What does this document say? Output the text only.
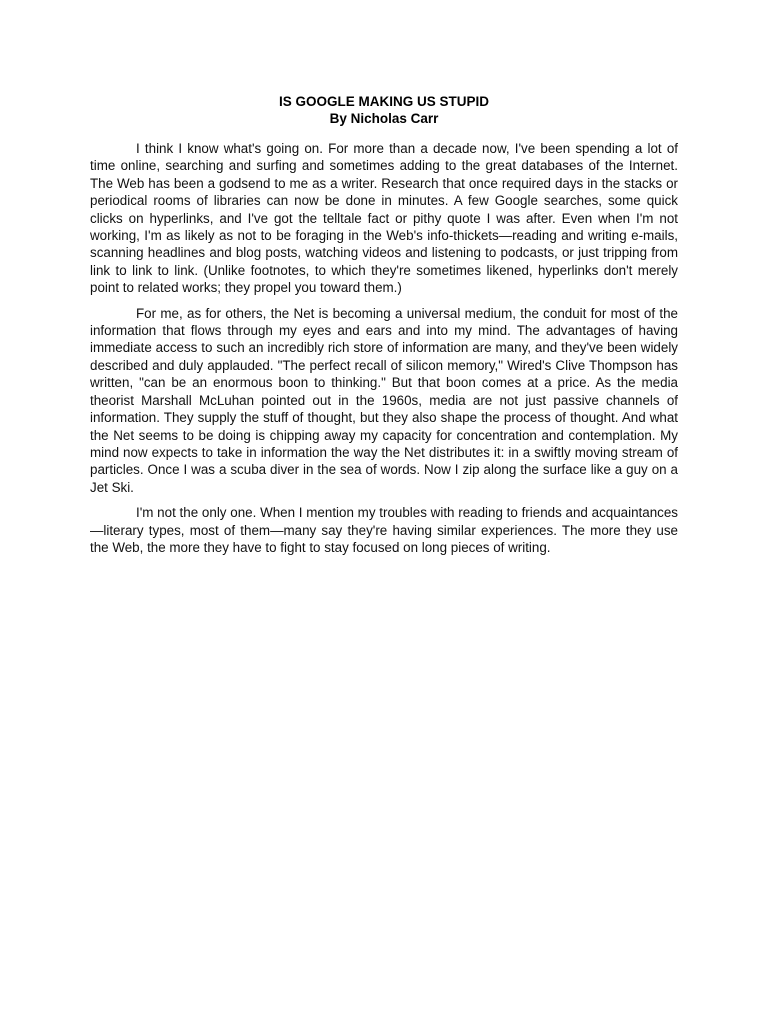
IS GOOGLE MAKING US STUPID
By Nicholas Carr

I think I know what's going on. For more than a decade now, I've been spending a lot of time online, searching and surfing and sometimes adding to the great databases of the Internet. The Web has been a godsend to me as a writer. Research that once required days in the stacks or periodical rooms of libraries can now be done in minutes. A few Google searches, some quick clicks on hyperlinks, and I've got the telltale fact or pithy quote I was after. Even when I'm not working, I'm as likely as not to be foraging in the Web's info-thickets—reading and writing e-mails, scanning headlines and blog posts, watching videos and listening to podcasts, or just tripping from link to link to link. (Unlike footnotes, to which they're sometimes likened, hyperlinks don't merely point to related works; they propel you toward them.)

For me, as for others, the Net is becoming a universal medium, the conduit for most of the information that flows through my eyes and ears and into my mind. The advantages of having immediate access to such an incredibly rich store of information are many, and they've been widely described and duly applauded. "The perfect recall of silicon memory," Wired's Clive Thompson has written, "can be an enormous boon to thinking." But that boon comes at a price. As the media theorist Marshall McLuhan pointed out in the 1960s, media are not just passive channels of information. They supply the stuff of thought, but they also shape the process of thought. And what the Net seems to be doing is chipping away my capacity for concentration and contemplation. My mind now expects to take in information the way the Net distributes it: in a swiftly moving stream of particles. Once I was a scuba diver in the sea of words. Now I zip along the surface like a guy on a Jet Ski.

I'm not the only one. When I mention my troubles with reading to friends and acquaintances—literary types, most of them—many say they're having similar experiences. The more they use the Web, the more they have to fight to stay focused on long pieces of writing.
